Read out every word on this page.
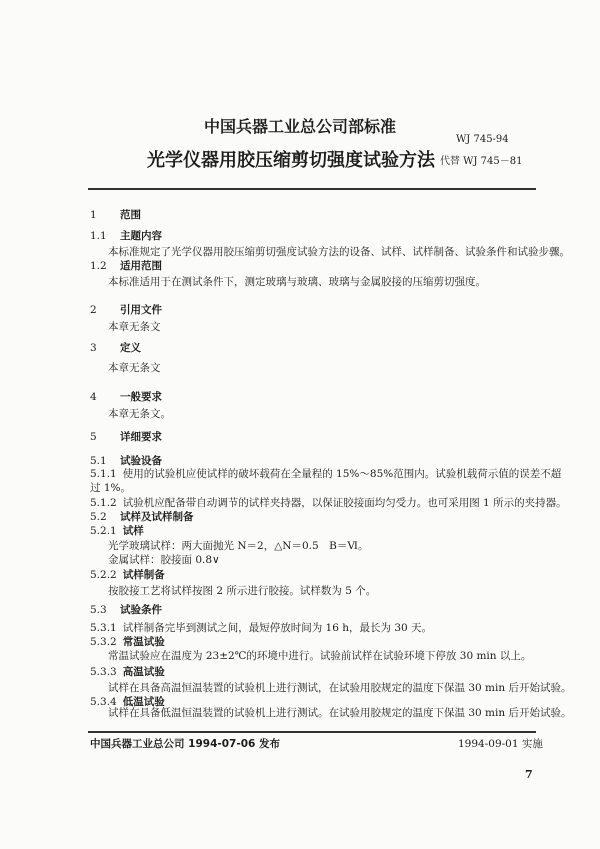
中国兵器工业总公司部标准
WJ 745-94
光学仪器用胶压缩剪切强度试验方法 代替 WJ 745－81
1 范围
1.1 主题内容
本标准规定了光学仪器用胶压缩剪切强度试验方法的设备、试样、试样制备、试验条件和试验步骤。
1.2 适用范围
本标准适用于在测试条件下，测定玻璃与玻璃、玻璃与金属胶接的压缩剪切强度。
2 引用文件
本章无条文
3 定义
本章无条文
4 一般要求
本章无条文。
5 详细要求
5.1 试验设备
5.1.1 使用的试验机应使试样的破坏载荷在全量程的 15%～85%范围内。试验机载荷示值的误差不超
过 1%。
5.1.2 试验机应配备带自动调节的试样夹持器，以保证胶接面均匀受力。也可采用图 1 所示的夹持器。
5.2 试样及试样制备
5.2.1 试样
光学玻璃试样：两大面抛光 N＝2，△N＝0.5　B＝Ⅵ。
金属试样：胶接面 0.8∨
5.2.2 试样制备
按胶接工艺将试样按图 2 所示进行胶接。试样数为 5 个。
5.3 试验条件
5.3.1 试样制备完毕到测试之间，最短停放时间为 16 h，最长为 30 天。
5.3.2 常温试验
常温试验应在温度为 23±2℃的环境中进行。试验前试样在试验环境下停放 30 min 以上。
5.3.3 高温试验
试样在具备高温恒温装置的试验机上进行测试，在试验用胶规定的温度下保温 30 min 后开始试验。
5.3.4 低温试验
试样在具备低温恒温装置的试验机上进行测试。在试验用胶规定的温度下保温 30 min 后开始试验。
中国兵器工业总公司 1994-07-06 发布	1994-09-01 实施
7
